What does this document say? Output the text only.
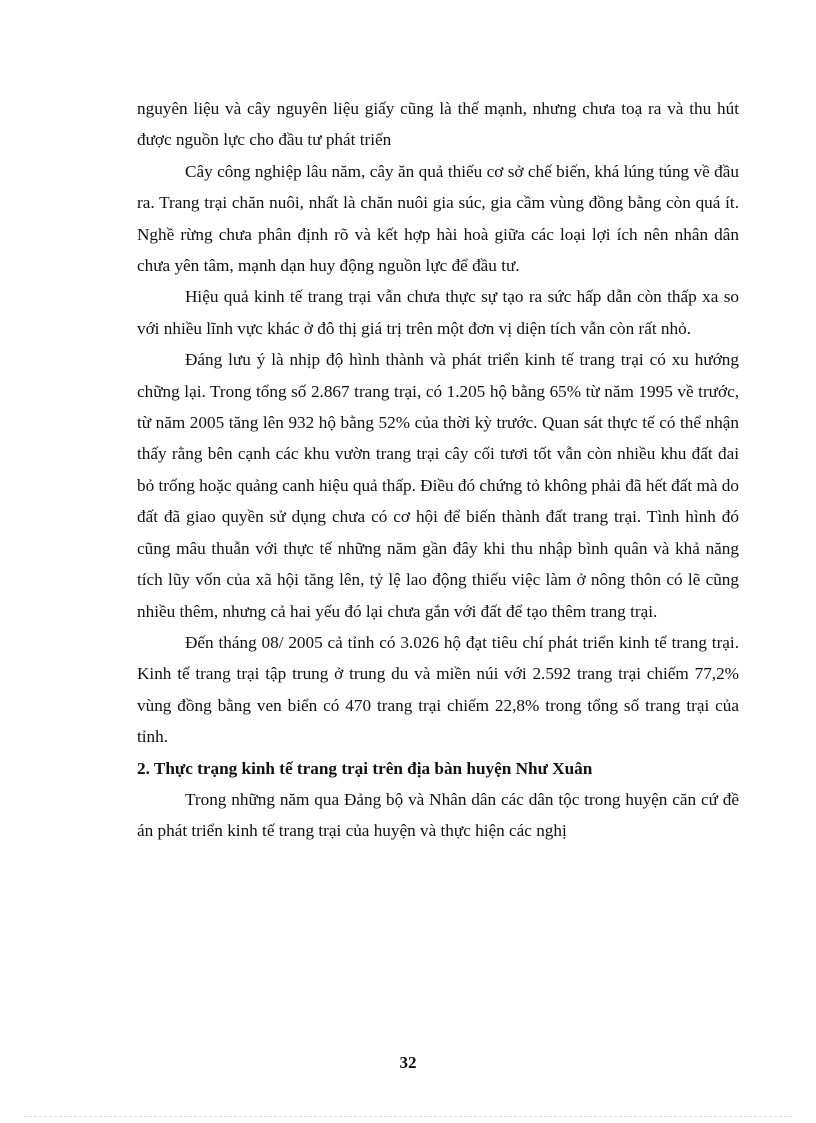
nguyên liệu và cây nguyên liệu giấy cũng là thế mạnh, nhưng chưa toạ ra và thu hút được nguồn lực cho đầu tư phát triển

Cây công nghiệp lâu năm, cây ăn quả thiếu cơ sở chế biến, khá lúng túng về đầu ra. Trang trại chăn nuôi, nhất là chăn nuôi gia súc, gia cầm vùng đồng bằng còn quá ít. Nghề rừng chưa phân định rõ và kết hợp hài hoà giữa các loại lợi ích nên nhân dân chưa yên tâm, mạnh dạn huy động nguồn lực để đầu tư.

Hiệu quả kinh tế trang trại vẫn chưa thực sự tạo ra sức hấp dẫn còn thấp xa so với nhiều lĩnh vực khác ở đô thị giá trị trên một đơn vị diện tích vẫn còn rất nhỏ.

Đáng lưu ý là nhịp độ hình thành và phát triển kinh tế trang trại có xu hướng chững lại. Trong tổng số 2.867 trang trại, có 1.205 hộ bằng 65% từ năm 1995 về trước, từ năm 2005 tăng lên 932 hộ bằng 52% của thời kỳ trước. Quan sát thực tế có thể nhận thấy rằng bên cạnh các khu vườn trang trại cây cối tươi tốt vẫn còn nhiều khu đất đai bỏ trống hoặc quảng canh hiệu quả thấp. Điều đó chứng tỏ không phải đã hết đất mà do đất đã giao quyền sử dụng chưa có cơ hội để biến thành đất trang trại. Tình hình đó cũng mâu thuẫn với thực tế những năm gần đây khi thu nhập bình quân và khả năng tích lũy vốn của xã hội tăng lên, tỷ lệ lao động thiếu việc làm ở nông thôn có lẽ cũng nhiều thêm, nhưng cả hai yếu đó lại chưa gắn với đất để tạo thêm trang trại.

Đến tháng 08/ 2005 cả tỉnh có 3.026 hộ đạt tiêu chí phát triển kinh tế trang trại. Kinh tế trang trại tập trung ở trung du và miền núi với 2.592 trang trại chiếm 77,2% vùng đồng bằng ven biển có 470 trang trại chiếm 22,8% trong tổng số trang trại của tỉnh.

2. Thực trạng kinh tế trang trại trên địa bàn huyện Như Xuân

Trong những năm qua Đảng bộ và Nhân dân các dân tộc trong huyện căn cứ đề án phát triển kinh tế trang trại của huyện và thực hiện các nghị

32
